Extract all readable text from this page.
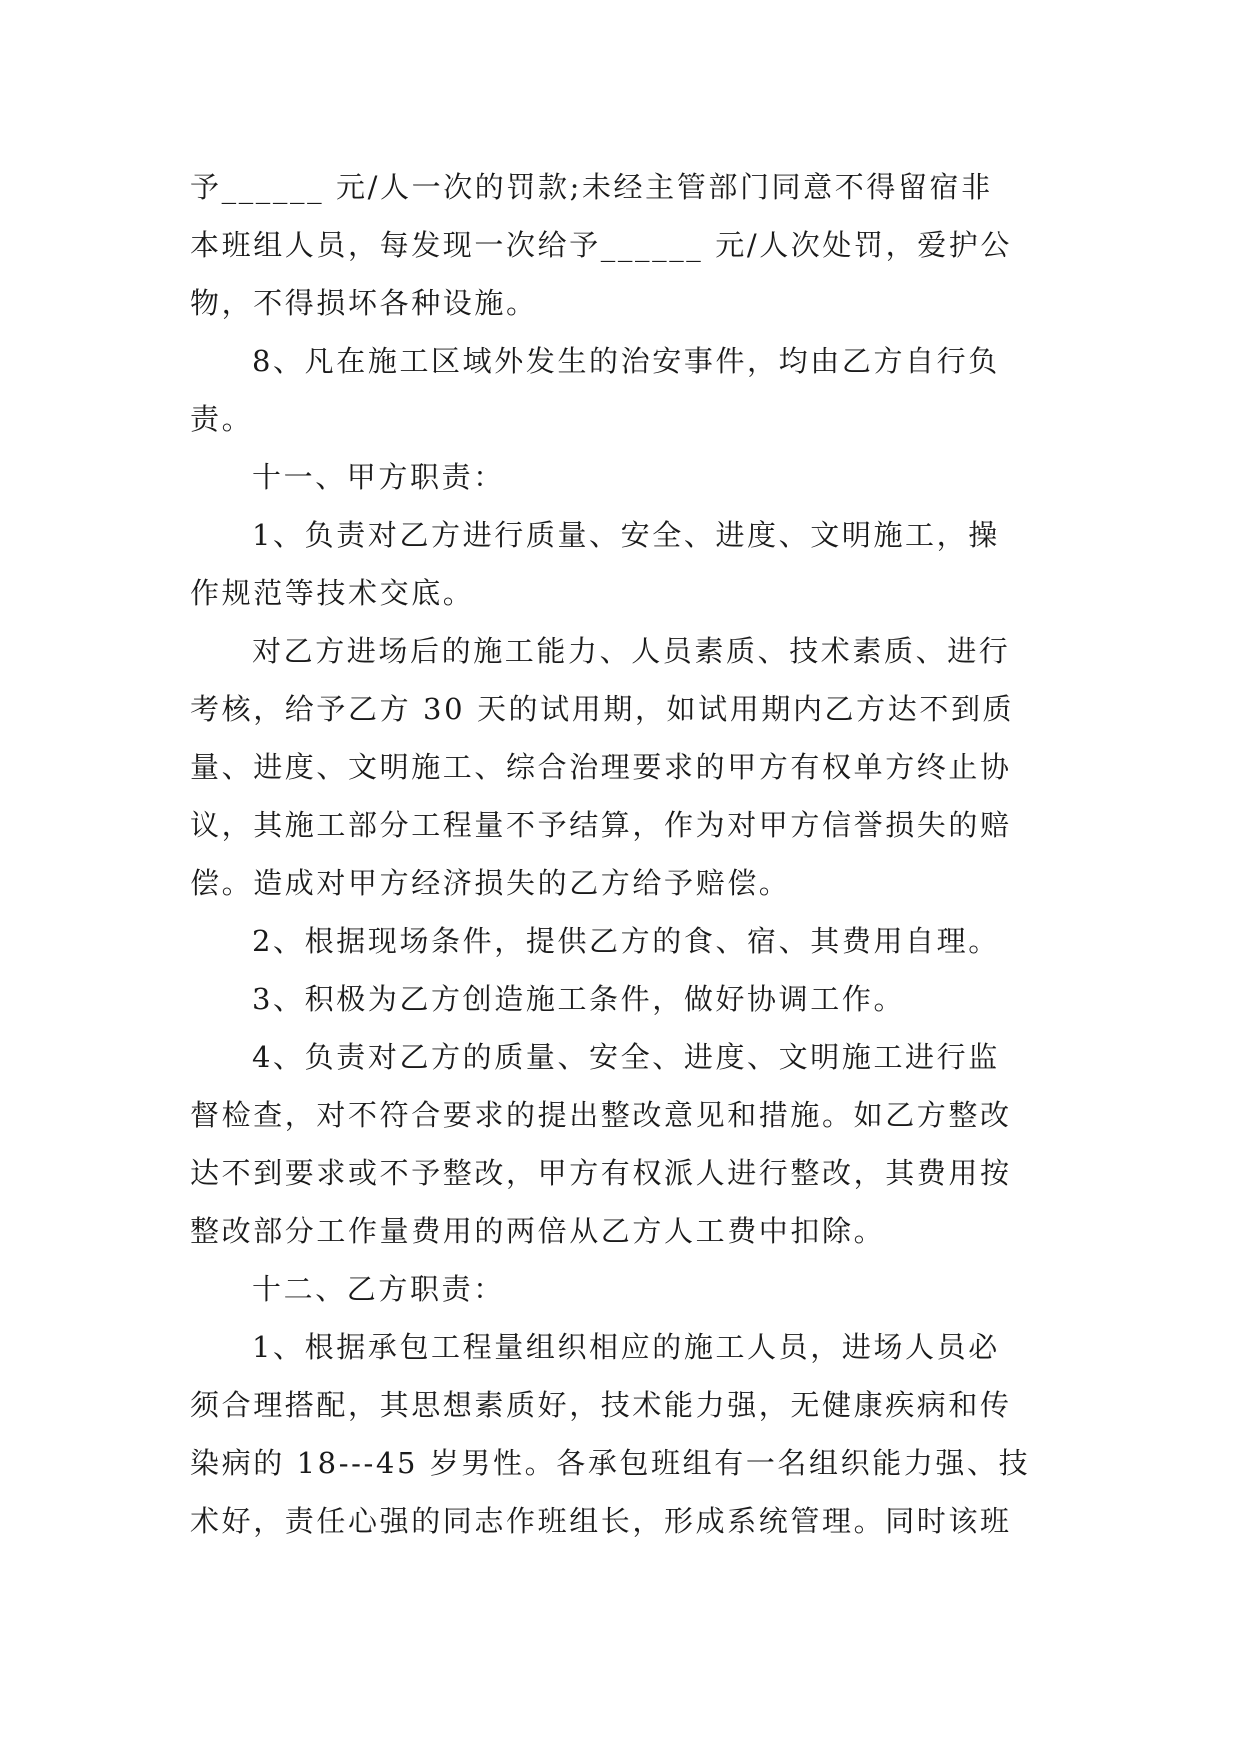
予______ 元/人一次的罚款;未经主管部门同意不得留宿非
本班组人员，每发现一次给予______ 元/人次处罚，爱护公
物，不得损坏各种设施。
8、凡在施工区域外发生的治安事件，均由乙方自行负
责。
十一、甲方职责：
1、负责对乙方进行质量、安全、进度、文明施工，操
作规范等技术交底。
对乙方进场后的施工能力、人员素质、技术素质、进行
考核，给予乙方 30 天的试用期，如试用期内乙方达不到质
量、进度、文明施工、综合治理要求的甲方有权单方终止协
议，其施工部分工程量不予结算，作为对甲方信誉损失的赔
偿。造成对甲方经济损失的乙方给予赔偿。
2、根据现场条件，提供乙方的食、宿、其费用自理。
3、积极为乙方创造施工条件，做好协调工作。
4、负责对乙方的质量、安全、进度、文明施工进行监
督检查，对不符合要求的提出整改意见和措施。如乙方整改
达不到要求或不予整改，甲方有权派人进行整改，其费用按
整改部分工作量费用的两倍从乙方人工费中扣除。
十二、乙方职责：
1、根据承包工程量组织相应的施工人员，进场人员必
须合理搭配，其思想素质好，技术能力强，无健康疾病和传
染病的 18---45 岁男性。各承包班组有一名组织能力强、技
术好，责任心强的同志作班组长，形成系统管理。同时该班
